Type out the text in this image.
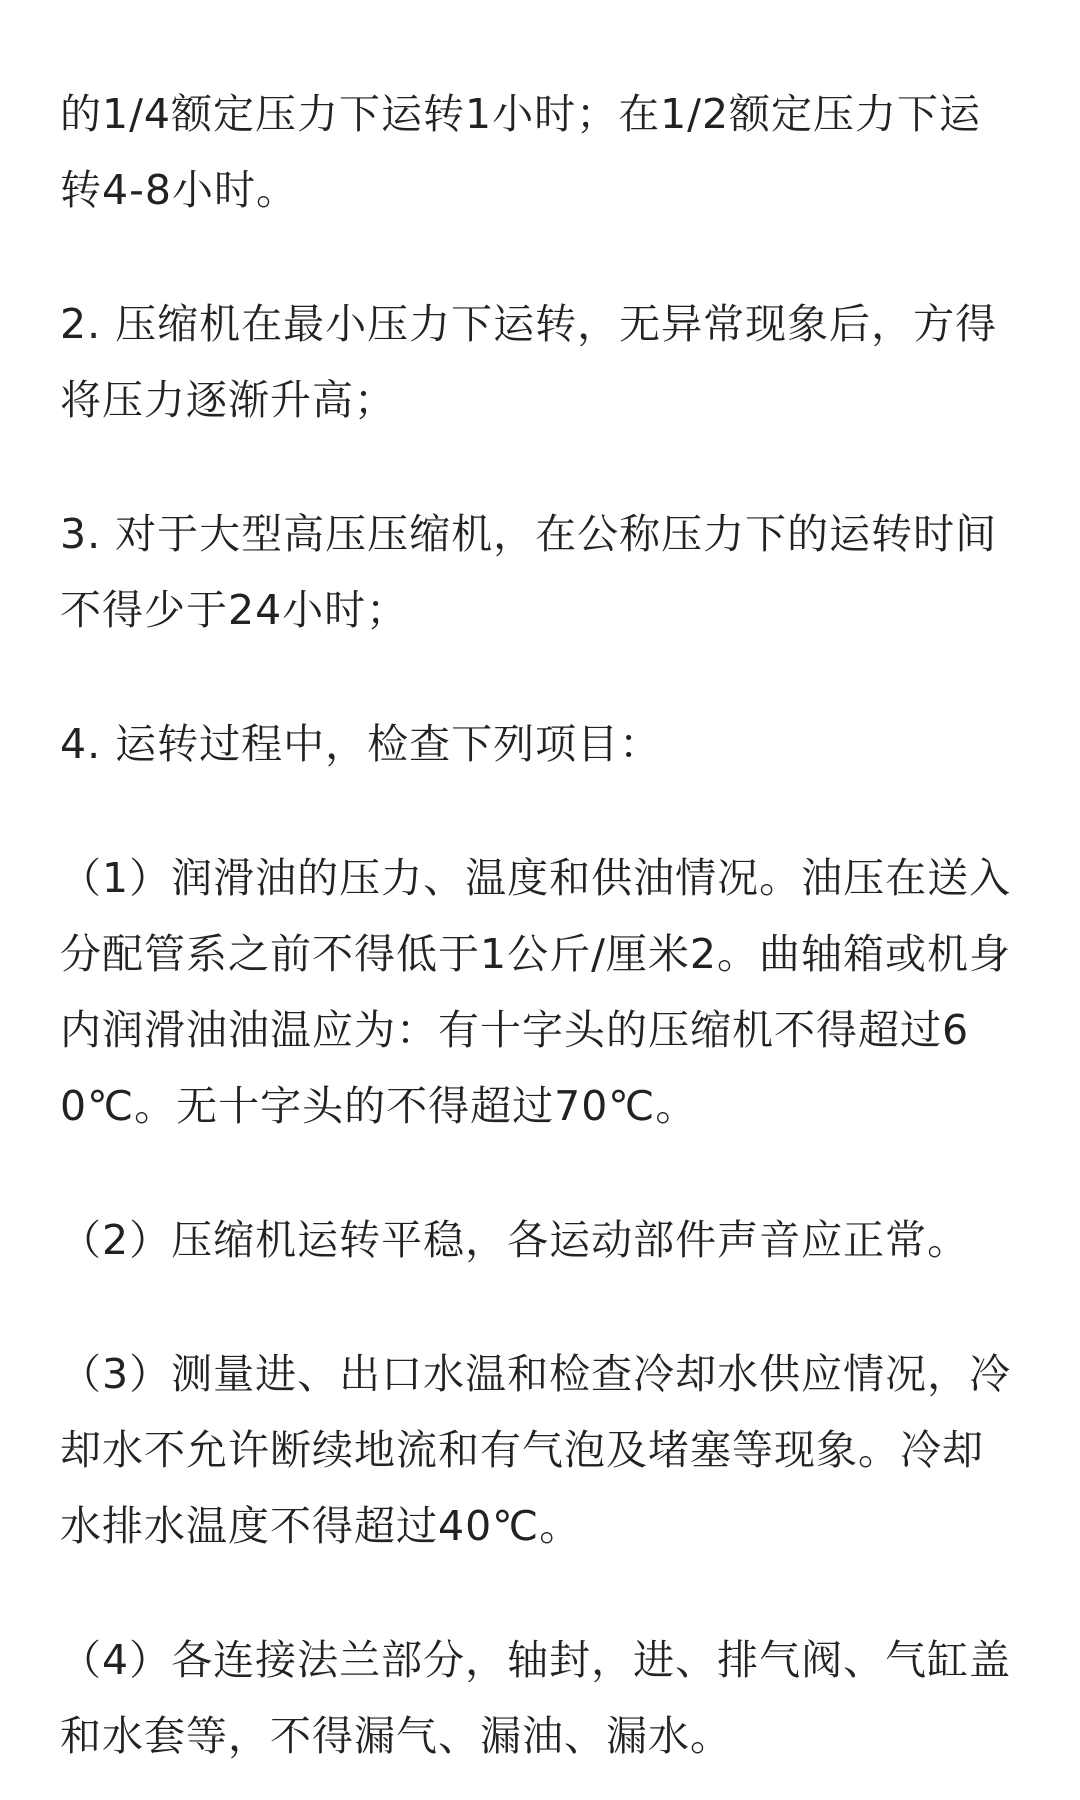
的1/4额定压力下运转1小时；在1/2额定压力下运转4-8小时。

2. 压缩机在最小压力下运转，无异常现象后，方得将压力逐渐升高；

3. 对于大型高压压缩机，在公称压力下的运转时间不得少于24小时；

4. 运转过程中，检查下列项目：

（1）润滑油的压力、温度和供油情况。油压在送入分配管系之前不得低于1公斤/厘米2。曲轴箱或机身内润滑油油温应为：有十字头的压缩机不得超过60℃。无十字头的不得超过70℃。

（2）压缩机运转平稳，各运动部件声音应正常。

（3）测量进、出口水温和检查冷却水供应情况，冷却水不允许断续地流和有气泡及堵塞等现象。冷却水排水温度不得超过40℃。

（4）各连接法兰部分，轴封，进、排气阀、气缸盖和水套等，不得漏气、漏油、漏水。
